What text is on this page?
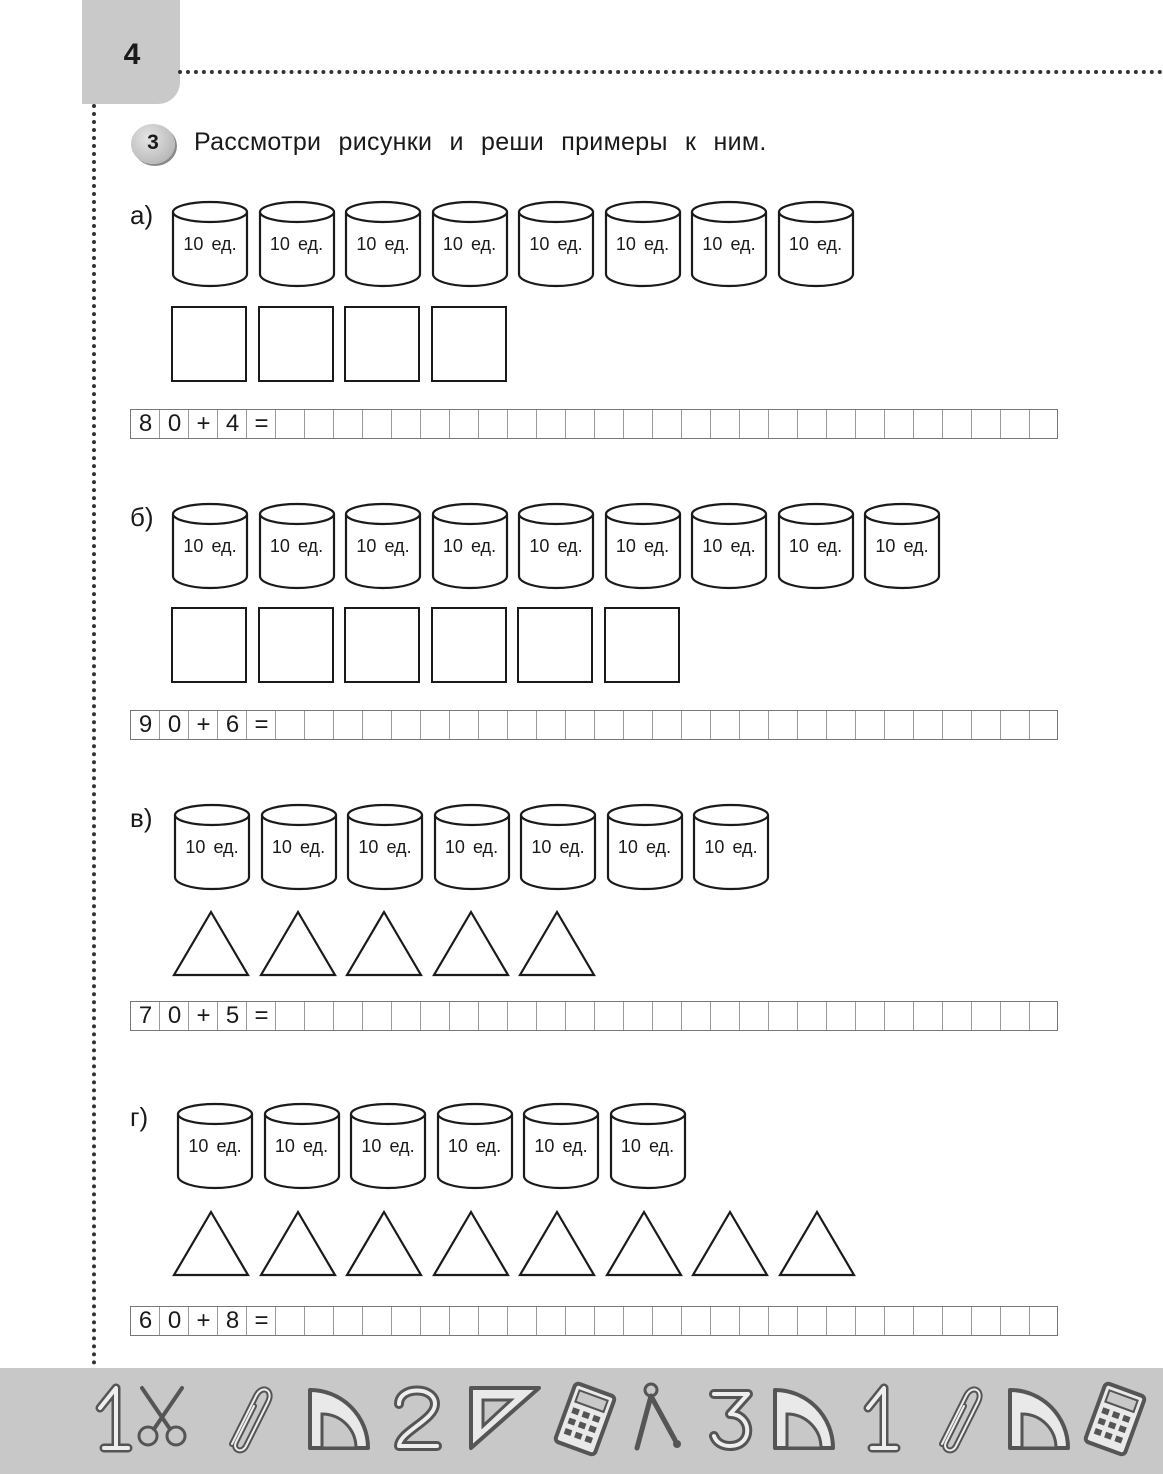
4
3	Рассмотри рисунки и реши примеры к ним.
а)
10 ед.	10 ед.	10 ед.	10 ед.	10 ед.	10 ед.	10 ед.	10 ед.
8 0 + 4 =
б)
10 ед.	10 ед.	10 ед.	10 ед.	10 ед.	10 ед.	10 ед.	10 ед.	10 ед.
9 0 + 6 =
в)
10 ед.	10 ед.	10 ед.	10 ед.	10 ед.	10 ед.	10 ед.
7 0 + 5 =
г)
10 ед.	10 ед.	10 ед.	10 ед.	10 ед.	10 ед.
6 0 + 8 =
